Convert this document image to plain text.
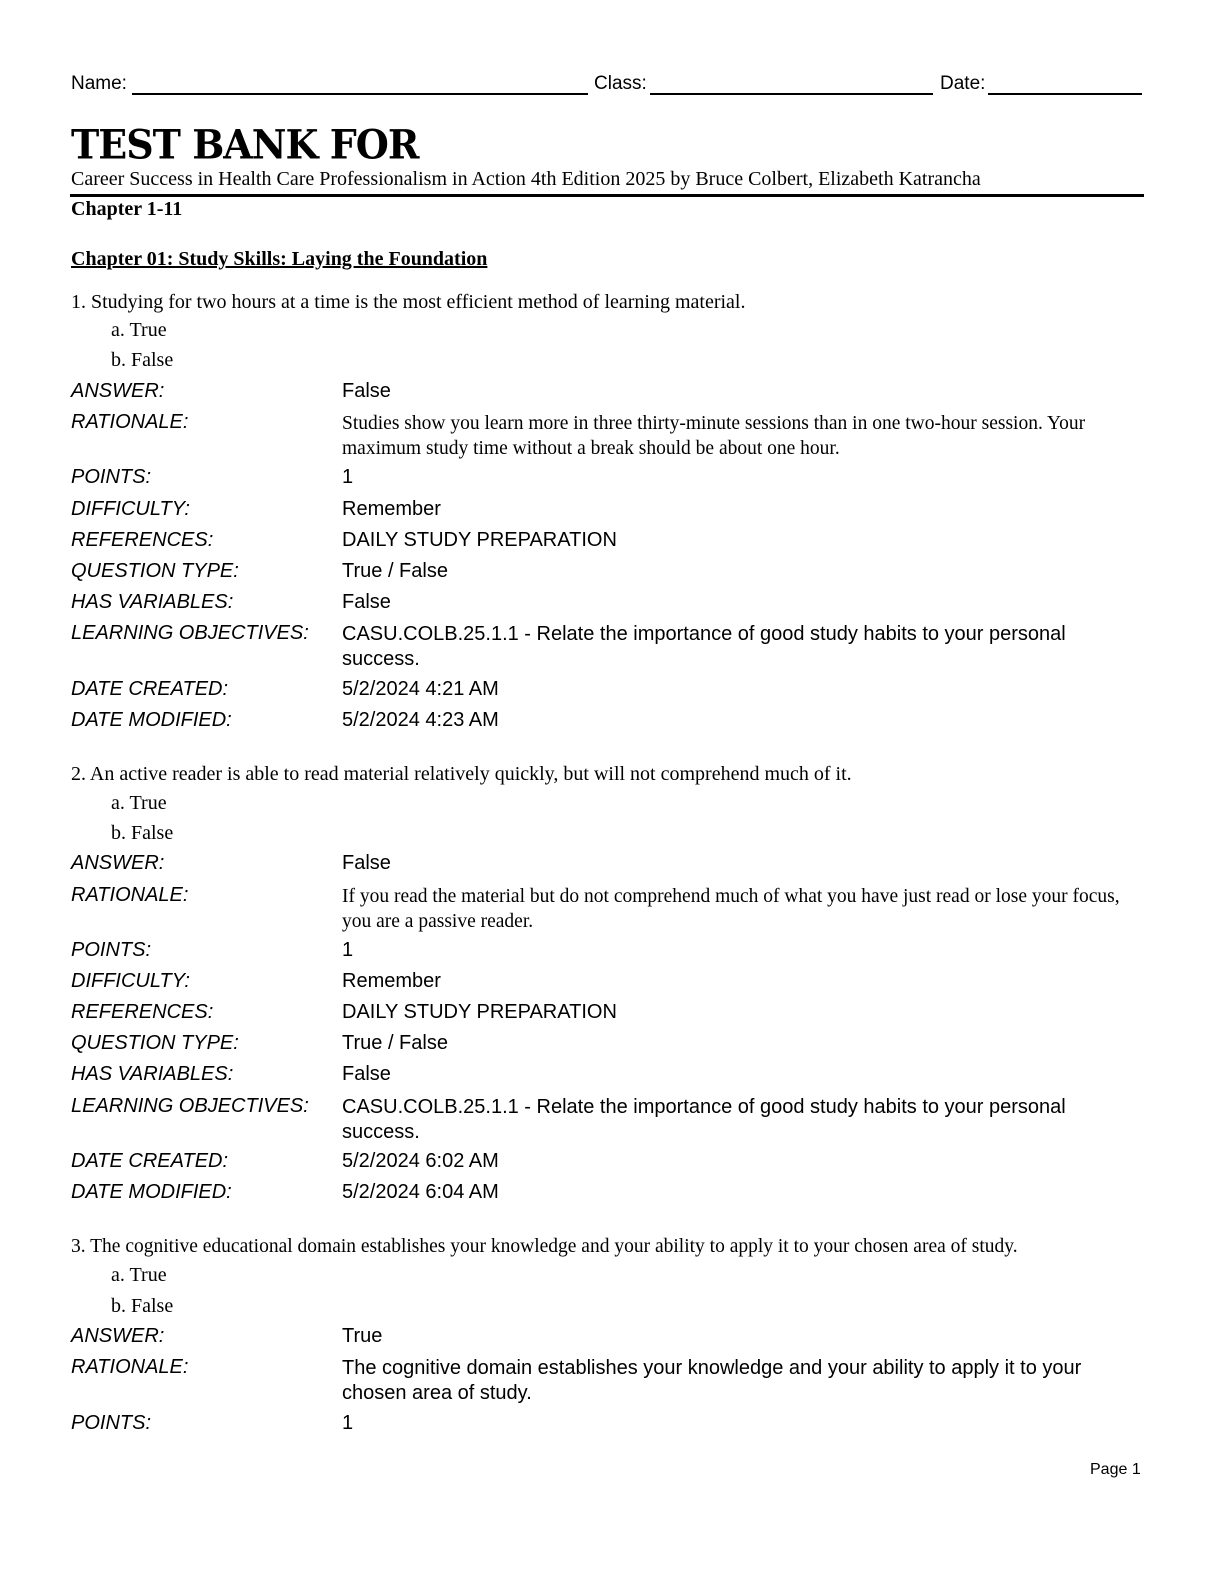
Name:	Class:	Date:
TEST BANK FOR
Career Success in Health Care Professionalism in Action 4th Edition 2025 by Bruce Colbert, Elizabeth Katrancha
Chapter 1-11
Chapter 01: Study Skills: Laying the Foundation
1. Studying for two hours at a time is the most efficient method of learning material.
a. True
b. False
ANSWER:	False
RATIONALE:	Studies show you learn more in three thirty-minute sessions than in one two-hour session. Your maximum study time without a break should be about one hour.
POINTS:	1
DIFFICULTY:	Remember
REFERENCES:	DAILY STUDY PREPARATION
QUESTION TYPE:	True / False
HAS VARIABLES:	False
LEARNING OBJECTIVES: CASU.COLB.25.1.1 - Relate the importance of good study habits to your personal success.
DATE CREATED:	5/2/2024 4:21 AM
DATE MODIFIED:	5/2/2024 4:23 AM
2. An active reader is able to read material relatively quickly, but will not comprehend much of it.
a. True
b. False
ANSWER:	False
RATIONALE:	If you read the material but do not comprehend much of what you have just read or lose your focus, you are a passive reader.
POINTS:	1
DIFFICULTY:	Remember
REFERENCES:	DAILY STUDY PREPARATION
QUESTION TYPE:	True / False
HAS VARIABLES:	False
LEARNING OBJECTIVES: CASU.COLB.25.1.1 - Relate the importance of good study habits to your personal success.
DATE CREATED:	5/2/2024 6:02 AM
DATE MODIFIED:	5/2/2024 6:04 AM
3. The cognitive educational domain establishes your knowledge and your ability to apply it to your chosen area of study.
a. True
b. False
ANSWER:	True
RATIONALE:	The cognitive domain establishes your knowledge and your ability to apply it to your chosen area of study.
POINTS:	1
Page 1
